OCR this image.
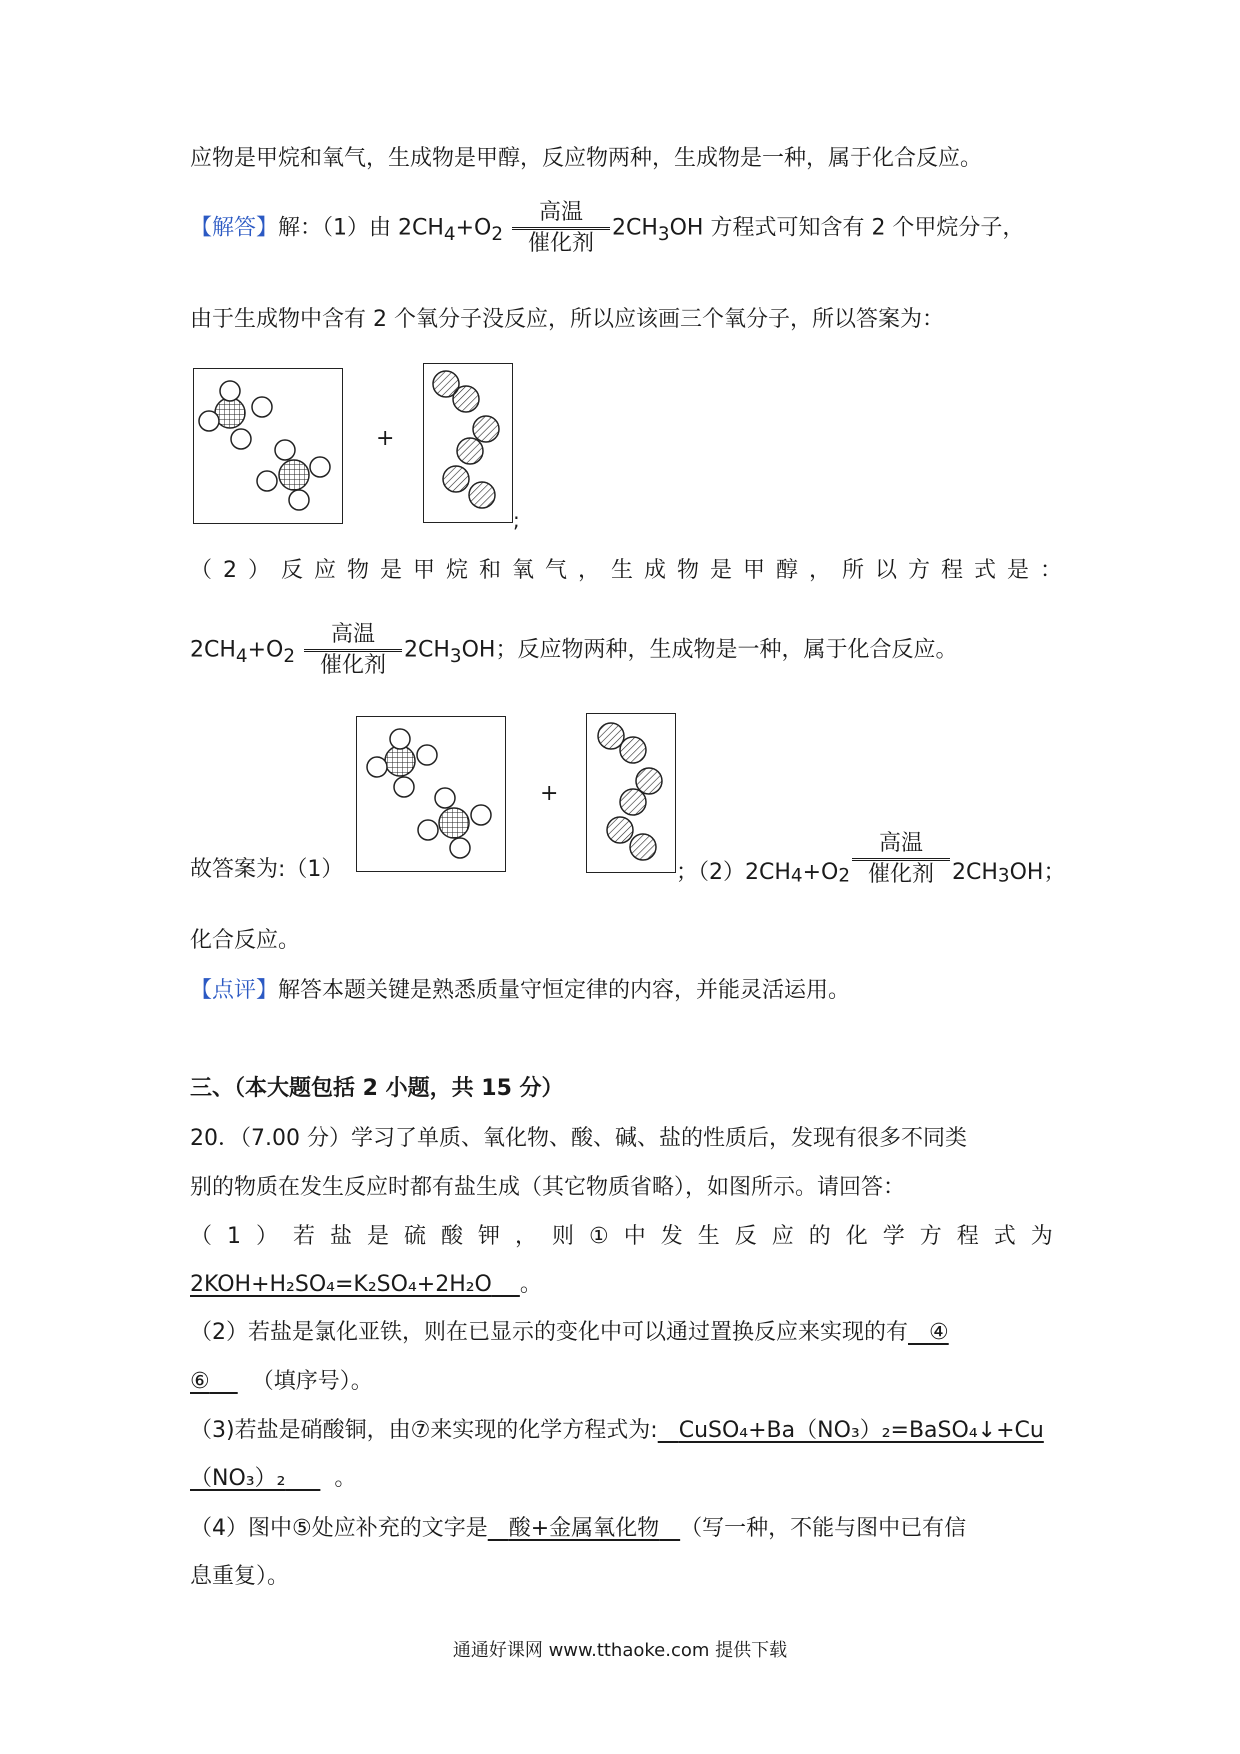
应物是甲烷和氧气，生成物是甲醇，反应物两种，生成物是一种，属于化合反应。
【解答】解：（1）由 $2CH_4+O_2$
高温
催化剂
$2CH_3OH$ 方程式可知含有 2 个甲烷分子，
由于生成物中含有 2 个氧分子没反应，所以应该画三个氧分子，所以答案为：
+
;
（2）反应物是甲烷和氧气，生成物是甲醇，所以方程式是：
$2CH_4+O_2$
高温
催化剂
$2CH_3OH$；反应物两种，生成物是一种，属于化合反应。
+
故答案为:（1）	；（2）2CH $_4$ +O $_2$
高温
催化剂 2CH $_3$ OH；
化合反应。
【点评】解答本题关键是熟悉质量守恒定律的内容，并能灵活运用。
三、（本大题包括 2 小题，共 15 分）
20．（7.00 分）学习了单质、氧化物、酸、碱、盐的性质后，发现有很多不同类
别的物质在发生反应时都有盐生成（其它物质省略），如图所示。请回答：
（1）若盐是硫酸钾，则①中发生反应的化学方程式为
2KOH+H₂SO₄=K₂SO₄+2H₂O 。
（2）若盐是氯化亚铁，则在已显示的变化中可以通过置换反应来实现的有 ④
⑥ （填序号）。
（3)若盐是硝酸铜，由⑦来实现的化学方程式为: CuSO₄+Ba（NO₃）₂=BaSO₄↓+Cu
（NO₃）₂ 。
（4）图中⑤处应补充的文字是 酸+金属氧化物 （写一种，不能与图中已有信
息重复）。
通通好课网 www.tthaoke.com 提供下载
